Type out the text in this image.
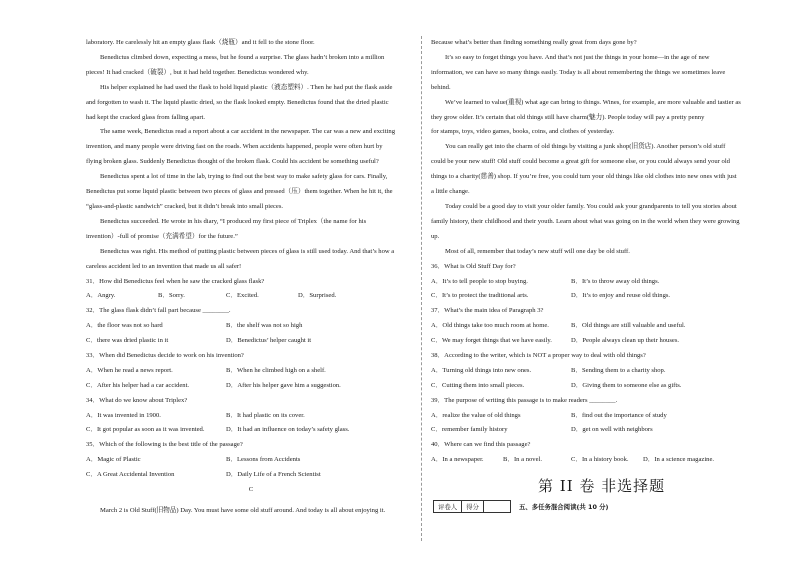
laboratory. He carelessly hit an empty glass flask（烧瓶）and it fell to the stone floor.

Benedictus climbed down, expecting a mess, but he found a surprise. The glass hadn’t broken into a million

pieces! It had cracked（破裂）, but it had held together. Benedictus wondered why.

His helper explained he had used the flask to hold liquid plastic（液态塑料）. Then he had put the flask aside

and forgotten to wash it. The liquid plastic dried, so the flask looked empty. Benedictus found that the dried plastic

had kept the cracked glass from falling apart.

The same week, Benedictus read a report about a car accident in the newspaper. The car was a new and exciting

invention, and many people were driving fast on the roads. When accidents happened, people were often hurt by

flying broken glass. Suddenly Benedictus thought of the broken flask. Could his accident be something useful?

Benedictus spent a lot of time in the lab, trying to find out the best way to make safety glass for cars. Finally,

Benedictus put some liquid plastic between two pieces of glass and pressed（压）them together. When he hit it, the

“glass-and-plastic sandwich” cracked, but it didn’t break into small pieces.

Benedictus succeeded. He wrote in his diary, “I produced my first piece of Triplex（the name for his

invention）-full of promise（充满希望）for the future.”

Benedictus was right. His method of putting plastic between pieces of glass is still used today. And that’s how a

careless accident led to an invention that made us all safer!

31．How did Benedictus feel when he saw the cracked glass flask?

A．Angry.	B．Sorry.	C．Excited.	D．Surprised.

32．The glass flask didn’t fall part because ________.

A．the floor was not so hard	B．the shelf was not so high
C．there was dried plastic in it	D．Benedictus’ helper caught it

33．When did Benedictus decide to work on his invention?

A．When he read a news report.	B．When he climbed high on a shelf.
C．After his helper had a car accident.	D．After his helper gave him a suggestion.

34．What do we know about Triplex?

A．It was invented in 1900.	B．It had plastic on its cover.
C．It got popular as soon as it was invented.	D．It had an influence on today’s safety glass.

35．Which of the following is the best title of the passage?

A．Magic of Plastic	B．Lessons from Accidents
C．A Great Accidental Invention	D．Daily Life of a French Scientist

C

March 2 is Old Stuff(旧物品) Day. You must have some old stuff around. And today is all about enjoying it.

Because what’s better than finding something really great from days gone by?

It’s so easy to forget things you have. And that’s not just the things in your home—in the age of new

information, we can have so many things easily. Today is all about remembering the things we sometimes leave

behind.

We’ve learned to value(重视) what age can bring to things. Wines, for example, are more valuable and tastier as

they grow older. It’s certain that old things still have charm(魅力). People today will pay a pretty penny

for stamps, toys, video games, books, coins, and clothes of yesterday.

You can really get into the charm of old things by visiting a junk shop(旧货店). Another person’s old stuff

could be your new stuff! Old stuff could become a great gift for someone else, or you could always send your old

things to a charity(慈善) shop. If you’re free, you could turn your old things like old clothes into new ones with just

a little change.

Today could be a good day to visit your older family. You could ask your grandparents to tell you stories about

family history, their childhood and their youth. Learn about what was going on in the world when they were growing

up.

Most of all, remember that today’s new stuff will one day be old stuff.

36．What is Old Stuff Day for?

A．It’s to tell people to stop buying.	B．It’s to throw away old things.
C．It’s to protect the traditional arts.	D．It’s to enjoy and reuse old things.

37．What’s the main idea of Paragraph 3?

A．Old things take too much room at home.	B．Old things are still valuable and useful.
C．We may forget things that we have easily.	D．People always clean up their houses.

38．According to the writer, which is NOT a proper way to deal with old things?

A．Turning old things into new ones.	B．Sending them to a charity shop.
C．Cutting them into small pieces.	D．Giving them to someone else as gifts.

39．The purpose of writing this passage is to make readers ________.

A．realize the value of old things	B．find out the importance of study
C．remember family history	D．get on well with neighbors

40．Where can we find this passage?

A．In a newspaper.	B．In a novel.	C．In a history book. D．In a science magazine.
第 II 卷 非选择题
评卷人	得分		五、多任务混合阅读(共 10 分)
